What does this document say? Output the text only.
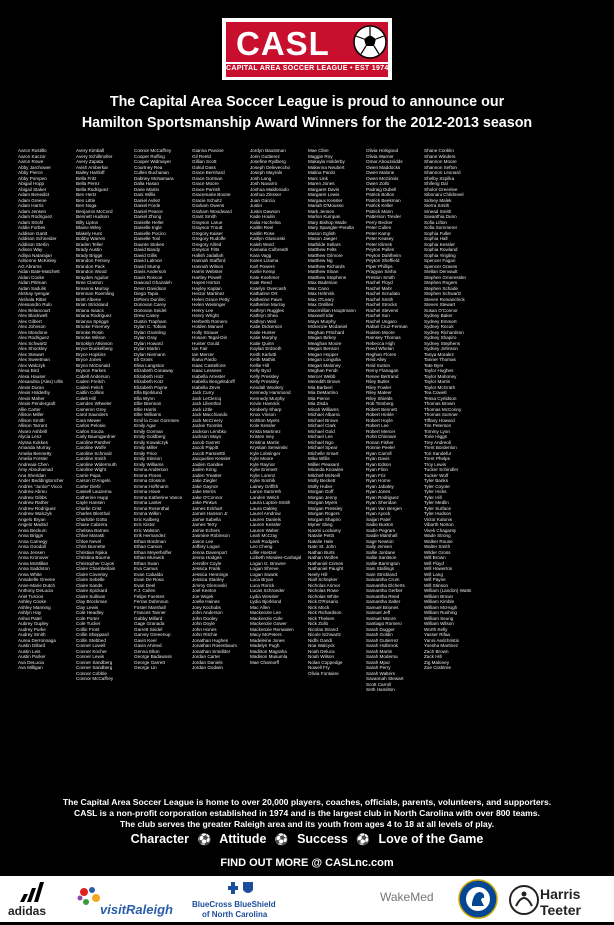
CASL
CAPITAL AREA SOCCER LEAGUE • EST 1974
The Capital Area Soccer League is proud to announce our
Hamilton Sportsmanship Award Winners for the 2012-2013 season
Aaron Rustillo
Aaron Kaczor
Aaron Rowe
Abby Jarchower
Abby Pierce
Abby Pompeo
Abigail Hopp
Abigail Staker
Adam Benedict
Adam Greene
Adam Harris
Adam Jensen
Adam Rodriguez
Adam Strohl
Addie Forbes
Addison Gantt
Addison Schneider
Addison Sterlin
Adison Way
Aditya Natarajan
Adrienne McKinley
AG Abrams
Aidan Bate-Matchett
Aidan Cooke
Aidan Pittman
Aidan Sadulis
Akshay Iyengar
Akshala Ritter
Alessandro Rulo
Alex Belancourt
Alex Blackwell
Alex Gilbert
Alex Johnson
Alex Mondone
Alex Rodriguez
Alex Schwartz
Alex Shockley
Alex Stewart
Alex Sweetman
Alex Walczyk
Alexa Bird
Alexa Hauser
Alexandria (Alex) Ullis
Alexis Duran
Alexis Holderby
Alexis Maher
Alexis Pendergraft
Allie Carter
Allison Miller
Allison Smith
Allison Tarrant
Alvaro Ashbrill
Alycia Lenz
Alyssa Kokkes
Amanda Murray
Amelia Bennetty
Amelia Forster
Andreaia Chen
Amy Abouhamad
Ana Sheridan
Ander Beddingtoncher
Andres "Junior" Vicco
Andrew Abreu
Andrew Gibbs
Andrew Rather
Andrew Rodriguez
Andrew Walczyk
Angelo Bryan
Angelo Madrid
Anna Beckum
Anna Briggs
Anna Carnegy
Anna Goodall
Anna Jensen
Anna Kronover
Anna McMillan
Anna Saddoton
Anna White
Annabelle Greene
Anne-Marie Dutch
Anthony DeLucia
Ariel Turcios
Ashley Cooke
Ashley Manning
Ashlyn Hay
Ashut Patel
Aubrey Gupley
Audrey Purke
Audrey Smith
Aurea Derronnaga
Austin Dillard
Austin Leis
Austin Parker
Ava DeLucia
Ava Milligan
Avery Kimball
Avery Schillmoller
Avery Zapata
Avish Amberkar
Bailey Hartloff
Bella Fritz
Bella Perez
Bella Rodriguez
Ben Hertz
Ben Little
Ben Noga
Benjamin McCord
Bennett Hudson
Billy Lipton
Blaine Wiley
Blakely Hunt
Bobby Warren
Braden Teller
Brady Austin
Brady Briggs
Brandon Fenney
Brandon Pack
Brandon Wood
Brayden Aguilar
Bree Clanton
Breanna Murray
Brennan Roemling
Brett Albene
Brian Strickland
Briana Isaacs
Briana Rodriguez
Brianna Spriggs
Brooke Finerney
Brooke Rosin
Brooke Wilson
Brooklyn Atkinson
Bryce Dunkelberg
Bryce Hopkins
Bryce Jones
Brynn McDonald
Bryson Parkes
Cabell Anderson
Caden Freitch
Caden Feitch
Caitlin Collins
Caleb Hill
Camden Wheeler
Cameron Grey
Carol Saunders
Cara Mewer
Carlos Pelosio
Carlos Souza
Carly Baumgardner
Caroline Panther
Caroline Wolfe
Caroline Schmalz
Caroline Smith
Caroline Widermuth
Caroline Wight
Carrie Papa
Carson D'Angelo
Carter Diehl
Cassell Lauzerna
Catherine Hupp
Cayle Hansen
Charlie Crist
Charles Blenthal
Charlotte Gotto
Chase Cabrera
Chelsea Barnes
Chloe Marasti
Chloe Nevel
Chris Burnette
Christian Njaka
Christina Bourne
Christopher Cuyos
Claire Chamberlain
Claire Coventry
Claire Sebelle
Claire Sands
Claire Spickard
Claire Sullivan
Clay Brockman
Clay Lewis
Cole Headley
Cole Porter
Cole Tucker
Collin Frost
Collin Sheppard
Collin Stebbed
Conner Lowell
Conner Kocher
Conner Lewis
Conner Sandberg
Conner Sandberg
Connor Cobble
Connor McCaffrey
Connor McCaffrey
Cooper Ruffing
Cooper Widmayer
Courtney Rea
Cullen Buchanan
Dabney McNamara
Dalia Hasan
Dane Martin
Dani Willis
Daniel Avilez
Daniel Forde
Daniel Pearce
Daniel Zhong
Danielle Heller
Danielle Ingle
Danielle Pocico
Danielle Tool
Daunte Stokes
David Bandy
David Gillis
David Lalmon
David Stump
Davis Anderson
Davis Roscoe
Dawood Ghazaleh
Devin Davidson
Diego Tapia
DiPiero Dunlinc
Donovan Carey
Donovan Seidel
Drew Casey
Dustin Trapham
Dylan C. Tobias
Dylan Gramling
Dylan Gray
Dylan Howard
Dylan Martin
Dylan Niemann
Eli Gross
Elisa Langston
Elizabeth Conaway
Elizabeth Hotz
Elizabeth Kotz
Elizabeth Payne
Ella Bjorklund
Ella Wynn
Ellie Brennan
Ellie Harris
Ellie Williams
Emil la Cour Gormsen
Emily Agur
Emily Gorman
Emily Goldberg
Emily Kowalczyk
Emily Miller
Emily Price
Emily Stinson
Emily Williams
Emma Anderson
Emma Flores
Emma Glosson
Emma Hoffmann
Emma Howe
Emma Katherine Vance
Emma Lanter
Emma Rosenthal
Emma Wilkin
Eric Kalberg
Eric Kistor
Eric Walston
Erik Hernandez
Ethan Bordman
Ethan Carson
Ethan Meyerhoffer
Ethan Murwick
Ethan Swan
Eva Camus
Evan Cabalda
Evan De Rosa
Evan Deel
F.J. Cullen
Felipe Fuentes
Ferras Dahmoun
Foster Marshall
Frances Tanner
Gabby Millard
Gage Granada
Garrett Seidel
Garvey Greeenup
Gavin Keel
Gavin Ahmed
Genna Elton
George Badawoss
George Garrett
George Lin
Gianna Pavone
Gil Reeld
Gillian Scott
Gokul Dass
Grace Bernhard
Grace Gorman
Grace Moore
Grace Parrish
Gracemarie Boone
Gracie Schultz
Graham Owens
Graham Woodward
Grant Smith
Grayson Larue
Grayson Troutt
Gregory Kaiser
Gregory Rudolfe
Gregory Allred
Greyson Fitts
Hafish Jadallah
Hannah Stafford
Hannah Wilson
Harris Webster
Hartley Powell
Hayes Horton
Hayley Kaplan
Hector Martinez
Helen Grace Petty
Helen Weisinger
Henry Lee
Henry Wright
Herbertb Romero
Holden Manuel
Holly Strauer
Hosam Tegal-Din
Hunter Gould
Ian Fair
Ian Mercer
Iliana Pardo
Isaac Castellons
Isaac Lessees
Isabella Arrester
Isabella Bengelsdorff
Isabella Zevin
Jack Curry
Jack LeClercq
Jack Lilienthal
Jack Little
Jack Macchiando
Jack McCreery
Jackie Toombs
Jackson Lembko
Jackson Mayo
Jacob Garrett
Jacob Pippitt
Jacob Parsnettti
Jacqueline Kessler
Jaiden Gandee
Jaden Kring
Jaden Treatter
Jake Ziegler
Jake Gaynor
Jake Morris
Jake O'Connor
Jake Pinkus
James Eckhart
James Hanson Jr
Jamie Sabella
James Terry
Jamie Echers
Jasmine Robinson
Jason Lee
Jeffery Logue
Jenna Davenport
Jenna Hodges
Jennifer Coyle
Jessica Frank
Jessica Hennings
Jessica Stanley
Jimmy Glenovski
Joel Keeton
Joe Wujek
Joelle Haines
Joey Kochubs
John Anderson
John Dooley
John Doyle
John Hones
John Ritchie
Jonathan Hughes
Jonathan Rosenbaum
Jonathan Smidlder
Jordan Carter
Jordan Daniels
Jordan Godwin
Jordyn Baustman
Jorin Guttierez
Josefine Rydberg
Joseph Deleveccho
Joseph Mayrals
Josh Lang
Josh Navarro
Joshua Maldonado
Joshua Zinsser
Juan Garcia
Justin
Justin Dawson
Kade Houlin
Kalia Huchelsa
Kaitlin Reel
Kaitlin Rose
Kaitlyn Gluscoski
Kaleb Ward
Kamaria Culbreath
Kara Vagg
Karen Lizama
Karl Powers
Karlie Kemp
Kate Koehmer
Kate Reed
Katelyn Overcash
Katharine Ort
Katherine Fawn
Katherine Murray
Kathryn Ruggles
Kathryn Shea
Kathryn Weil
Katie Dickerson
Katie Hunter
Katie Murphy
Katie Quinn
Kaylan Erdooth
Keith Karlutti
Keith Mathis
Kellie Hill
Kelly Byrd
Kelly Pressley
Kelly Pressley
Kendall Woolery
Kennedy Hammond
Kennedy Murphy
Kevin Hamrick
Kimberly Sharp
Knox Vinson
Kohlton Myers
Kole Kessler
Krista Martinez
Kristen Ivey
Kristina Martin
Krystian Serwinski
Kyle Lobsinger
Kyle Moore
Kyle Raynor
Kylie Emmert
Kylie Lorenz
Kylie Sonhik
Lainey Griffith
Lance Samreth
Landen Welch
Laura Lupton-Smith
Laura Oakley
Laurel Amdrow
Lauren Daniels
Lauren Kessler
Lauren Walter
Leah McCray
Leah Rodgers
Leo Cheng
Lillie Hoetzer
Lizbeth Morales-Carbajal
Logan G. Browne
Logan Shreve
Logan Swank
Luca Bryan
Luca Rorick
Lucas Schroeder
Lydia Wessler
Lydia Bjorklund
Mac Allen
Mackenzie Lee
Mackenzie Cole
Mackenzie Gower
Mackenzie Renwalen
Macy McPeters
Madeleine Jones
Madelyn Pugh
Madison Magraha
Madison Musumla
Mae Chamorff
Mae Cline
Maggie Roy
Makayla Holderby
Makenna Neubert
Malina Pardo
Marc Link
Maren Jones
Margaret Davis
Margaret Lewis
Margaux Kessler
Mariah D'Mousso
Mark Jensen
Marlon Kumpan
Mary Bishop Wade
Mary Spangler-Peralta
Mason Eglish
Mason Jaeger
Mathilde Sellars
Matthew Felts
Matthew Gilmore
Matthew Ng
Matthew Richards
Matthew Sloan
Matthew Stephens
Max Badenian
Max Cano
Max Helmink
Max O'Leary
Max Ontilles
Maximillian Hauptmann
Maxwell Idar
Mayo Murphy
Mckenzie Mcdaniel
Meghan Pritchard
Megan Birkey
Meaghan Moore
Megan Benson
Megan Hopper
Megan Longolia
Megan Maloney
Meghan Fendt
Mercer Webb
Meredith Brown
Mia Barbieri
Mia DeMartino
Mia Pierce
Mia Zisda
Micah Williams
Michael Albarra
Michael Brown
Michael Clark
Michael Gold
Michael Lee
Michael Ngo
Michael Spear
Michelle Smart
Mika Willis
Millier Pleasant
Miranda Knowles
Mitchell McNeill
Molly Beckett
Molly Huber
Morgan Goff
Morgan Jenny
Morgan Myers
Morgan Pressley
Morgan Rogers
Morgan Shapiro
Myner Stieg
Naomi Lockamy
Natalie Pettit
Natalie Hale
Nate St. John
Nathan Burts
Nathan Wolfes
Nathaniel Crimes
Nathaniel Paught
Neely Hill
Niall Schepker
Nicholas Arimor
Nicholas Rowe
Nicholas White
Nick D'Rosario
Nick Mock
Nick Richardson
Nick Theisen
Nick Zullo
Nicolas Strand
Nicole Schwartz
Nidhi Gandi
Noa Walcyck
Noah Deluca
Noah Wilson
Nolan Coppedge
Nowell Fry
Olivia Fontaine
Olivia Holsgood
Olivia Warner
Omar Abouzeidds
Owen Maddocks
Owen Malone
Owen McGinnis
Owen Zollo
Padraig Dubell
Patrick Bolton
Patrick Beekman
Patrick Keller
Patrick Mann
Patterson Trexler
Perry Becker
Peter Cullen
Peter Kamp
Peter Keasey
Peter Klimek
Peyton Pullen
Peyton Dahlheim
Peyton Sheffield
Piper Phillips
Pragyan Sinha
Preston Smith
Rachel Floyd
Rachel Mahr
Rachel Scrudato
Rachel Smith
Rachel Strocks
Rachel Stevens
Rachel Sun
Rachel Ungaro
Rafael Cruz-Ferman
Raiden Moore
Ramsey Thomas
Rebecca High
Reed Whelan
Reghan Flores
Reid Alley
Reid Sutton
Remy Flanagan
Renee Bertrand
Riley Butler
Riley Fowler
Riley Mateer
Riley Shields
Rob Tomberg
Robert Bennett
Robert Hinkle
Robert Hoyle
Robert Lee
Robert Mercer
Rohit Chinnam
Ronan Fisher
Ronnie Peeler
Ryan Carroll
Ryan Davis
Ryan Edson
Ryan Flinn
Ryan Friz
Ryan Horne
Ryan Jabaley
Ryan Jones
Ryan Rodriguez
Ryan Sheridan
Ryan Van Bergen
Ryan Ayock
Saijan Patel
Sadie Buxton
Sadie Pegram
Saidie Marshall
Sage Newton
Sally Jensen
Sallie Jordane
Sallie Sanitson
Sallie Barrington
Sam Stallings
Sam Strickland
Samantha Crum
Samantha Elcherts
Samantha Gerber
Samantha Reed
Samantha Salter
Samuel Briones
Samuel Jeff
Samuel Moore
Santiago Romero
Sarah Dugger
Sarah Goldin
Sarah Gutierrez
Sarah Holbrook
Sarah Martin
Sarah Moderna
Sarah Mpur
Sarah Perry
Sarah Walters
Savannah Stewart
Scott Carroll
Seth Hamilton
Shane Conklin
Shane Winders
Shannon Moore
Shannon Sefton
Shannon Leonard
Shelby Szpilka
Shifeng Dal
Sholor Greenlee
Sibonani Childmeel
Sidney Malek
Sierra Smith
Sinead Smith
Savanthia Dunn
Sofia Lifton
Sofia Sommerer
Sophia Fuller
Sophia Hall
Sophia Kessler
Sophia Rowland
Sophia Yingling
Spencer Fagan
Spencer Graves
Stellan Denvault
Stephen Gmeressler
Stephen Rogers
Stephen Schade
Stephen Schwartz
Steven Romanchick
Steven Stewart
Susan O'Connor
Sydney Baker
Sydney Emmert
Sydney Rocuk
Sydney Richardson
Sydney Shapiro
Sydney Stephens
Sydney Johnson
Tanya Moralez
Tanner Thomas
Tate Byer
Taylor Hughes
Taylor Mahoney
Taylor Martin
Taylor McGrath
Tea Cowell
Tessa Cyrildson
Thomas Brown
Thomas McConny
Thomas Sumner
Tiffany Howard
Tim Peterson
Tommy Lyon
Torie Higgs
Trey Andreoli
Trent Bordenlon
Tori Sandefur
Trent Phelps
Troy Lewis
Tucker Schindler
Tucker Wolf
Tyler Banks
Tyler Coyote
Tyler Hicks
Tyler Hill
Tyler Medlin
Tyler Surface
Tyler Hudson
Victor Kalonis
Vibarth Norton
Vivek Chaganty
Wade Strong
Walker Rouse
Walter Smith
Wilder Gross
Will Brown
Will Floyd
Will Howerton
Will Lang
Will Payne
Will Stinson
William (Landon) Watts
William Brown
William Kimble
William McHugh
William Rushing
William Seung
William Wilson
Worth Kelly
Yasser Rifaa
Yanni Aedchristis
Yoesha Martinez
Zach Brown
Zack Hill
Zig Maloney
Zoe Crabtree
The Capital Area Soccer League is home to over 20,000 players, coaches, officials, parents, volunteers, and supporters.
CASL is a non-profit corporation established in 1974 and is the largest club in North Carolina with over 800 teams.
The club serves the greater Raleigh area and its youth from ages 4 to 18 at all levels of play.
Character ⚽ Attitude ⚽ Success ⚽ Love of the Game
FIND OUT MORE @ CASLnc.com
adidas	visitRaleigh BlueCross BlueShield
of North Carolina
WakeMed	Harris
Teeter
